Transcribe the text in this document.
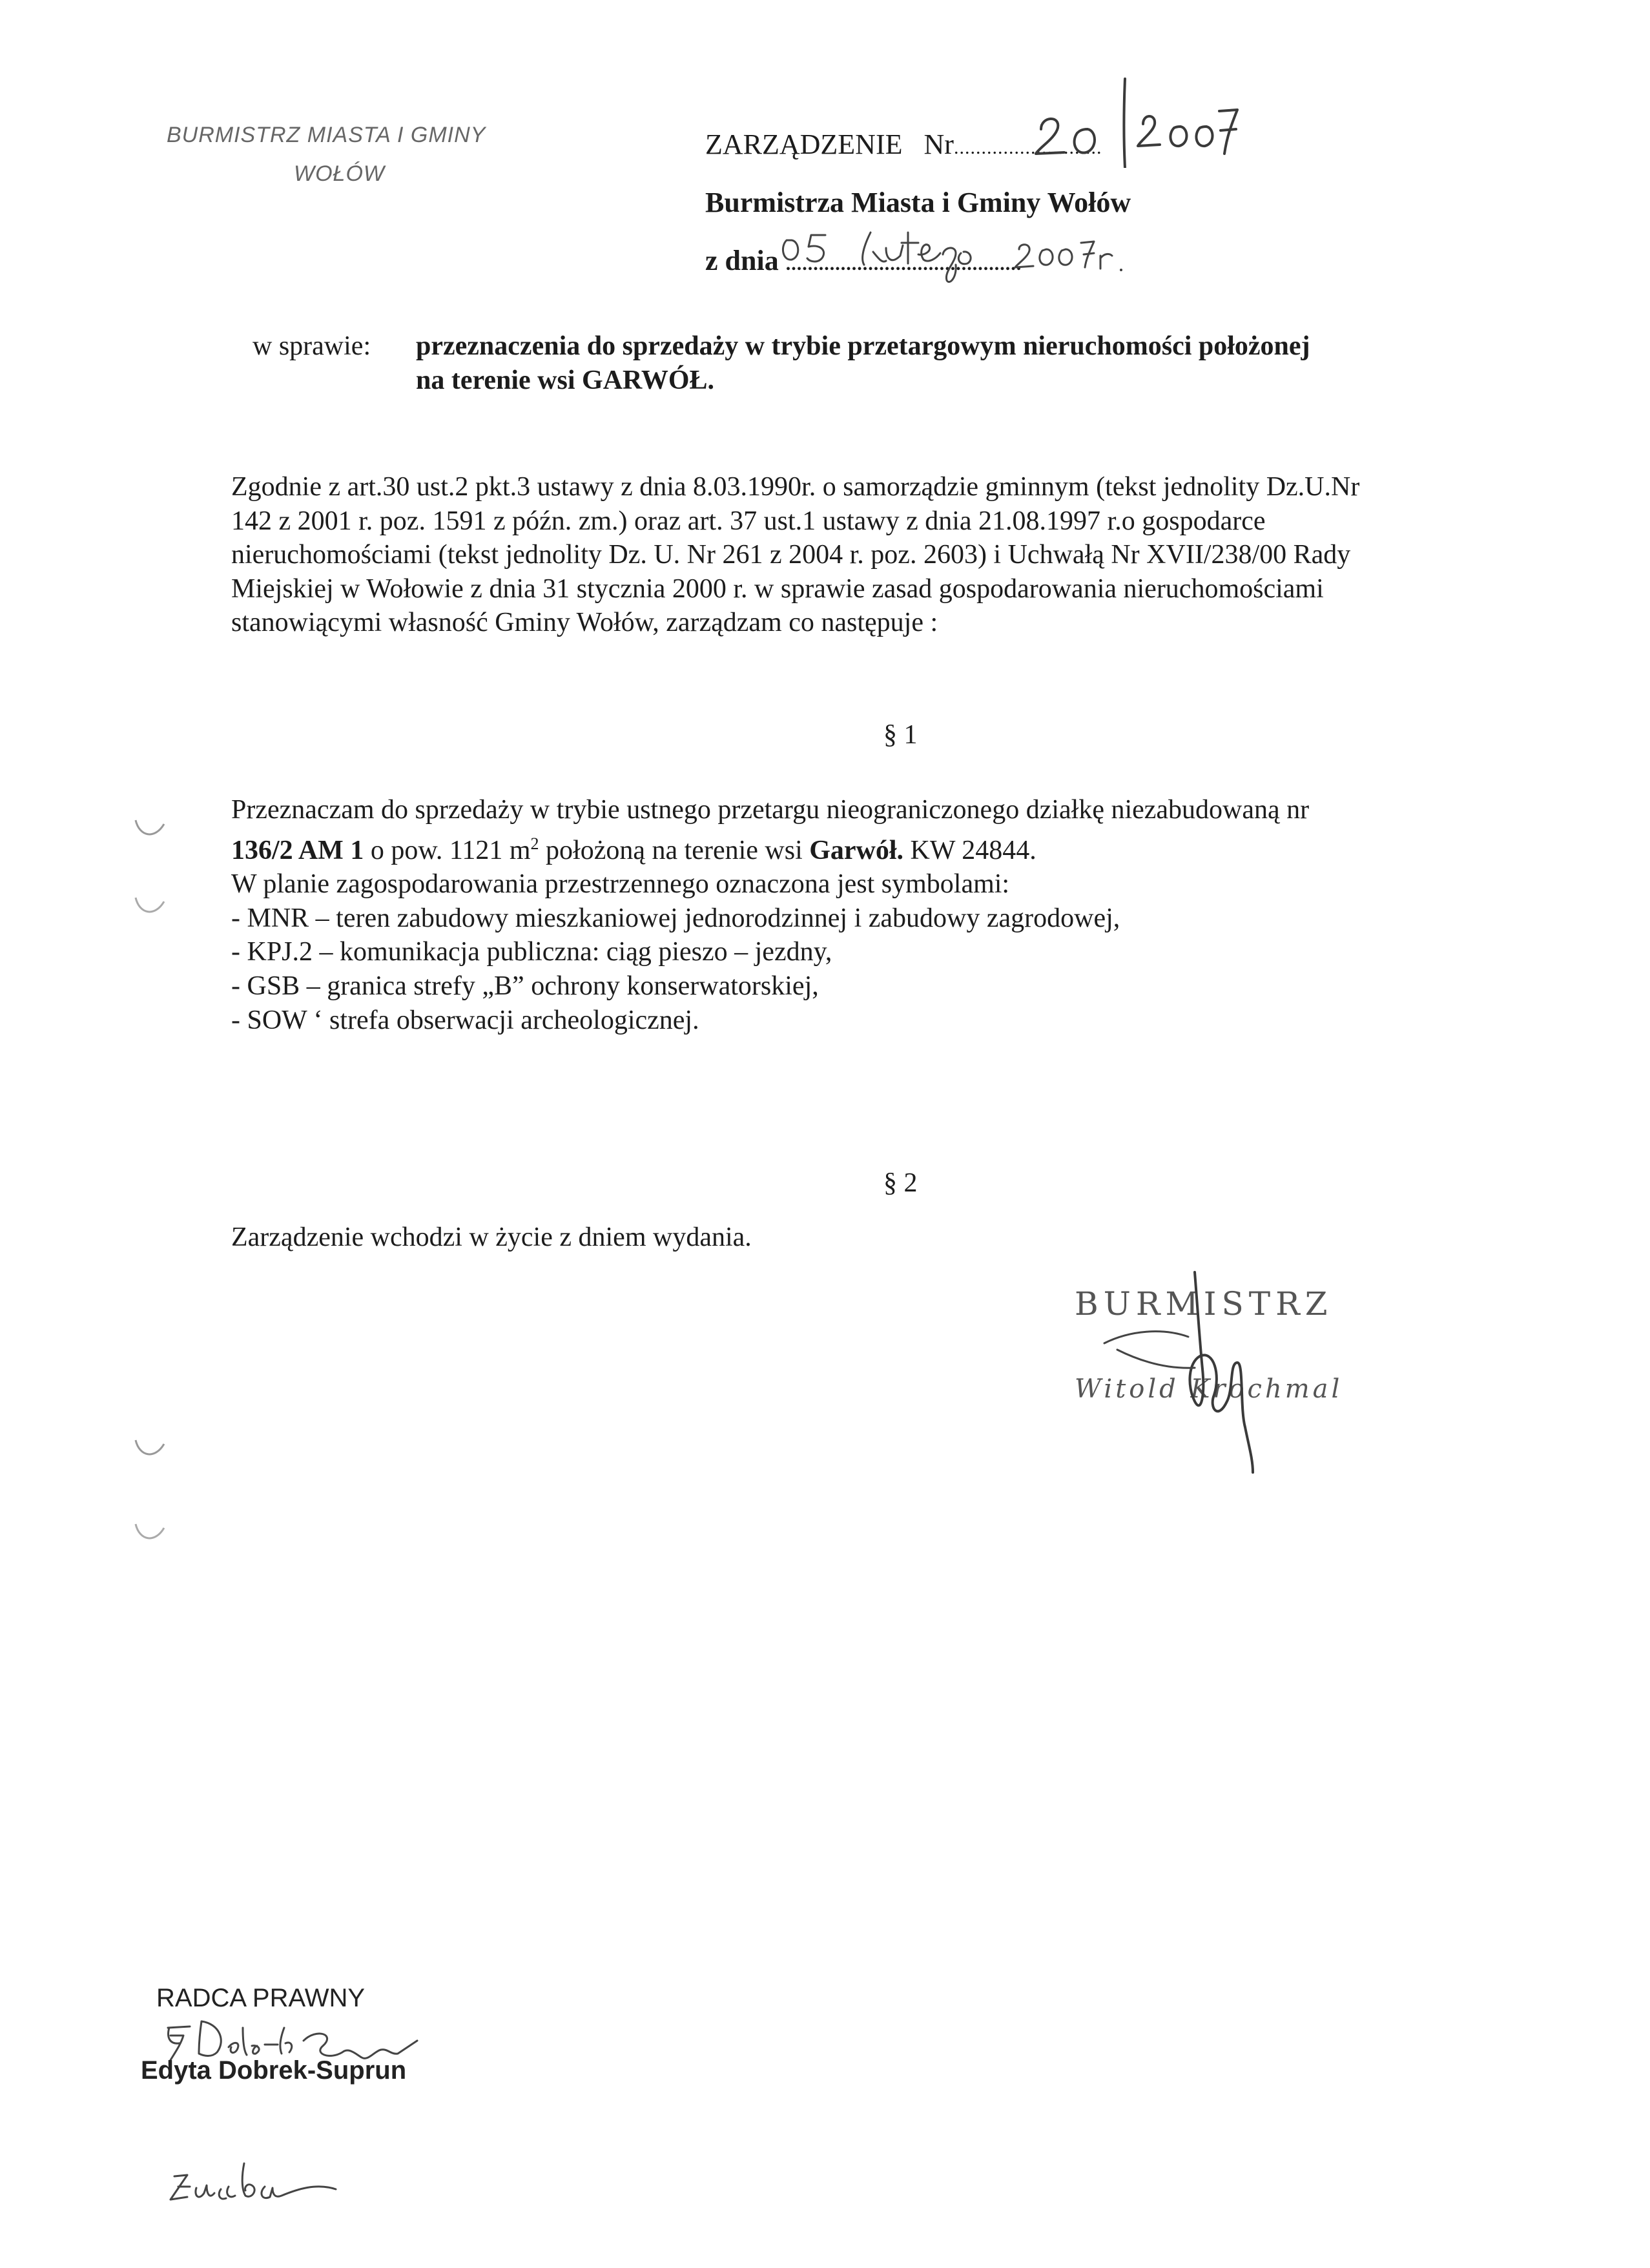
BURMISTRZ MIASTA I GMINY
WOŁÓW
ZARZĄDZENIE Nr...........................
Burmistrza Miasta i Gminy Wołów
z dnia ...........................................
w sprawie: przeznaczenia do sprzedaży w trybie przetargowym nieruchomości położonej
na terenie wsi GARWÓŁ.
Zgodnie z art.30 ust.2 pkt.3 ustawy z dnia 8.03.1990r. o samorządzie gminnym (tekst jednolity Dz.U.Nr
142 z 2001 r. poz. 1591 z późn. zm.) oraz art. 37 ust.1 ustawy z dnia 21.08.1997 r.o gospodarce
nieruchomościami (tekst jednolity Dz. U. Nr 261 z 2004 r. poz. 2603) i Uchwałą Nr XVII/238/00 Rady
Miejskiej w Wołowie z dnia 31 stycznia 2000 r. w sprawie zasad gospodarowania nieruchomościami
stanowiącymi własność Gminy Wołów, zarządzam co następuje :
§ 1
Przeznaczam do sprzedaży w trybie ustnego przetargu nieograniczonego działkę niezabudowaną nr
136/2 AM 1 o pow. 1121 $m^2$ położoną na terenie wsi Garwół. KW 24844.
W planie zagospodarowania przestrzennego oznaczona jest symbolami:
- MNR – teren zabudowy mieszkaniowej jednorodzinnej i zabudowy zagrodowej,
- KPJ.2 – komunikacja publiczna: ciąg pieszo – jezdny,
- GSB – granica strefy „B” ochrony konserwatorskiej,
- SOW ‘ strefa obserwacji archeologicznej.
§ 2
Zarządzenie wchodzi w życie z dniem wydania.
BURMISTRZ
Witold Krochmal
RADCA PRAWNY
Edyta Dobrek-Suprun
